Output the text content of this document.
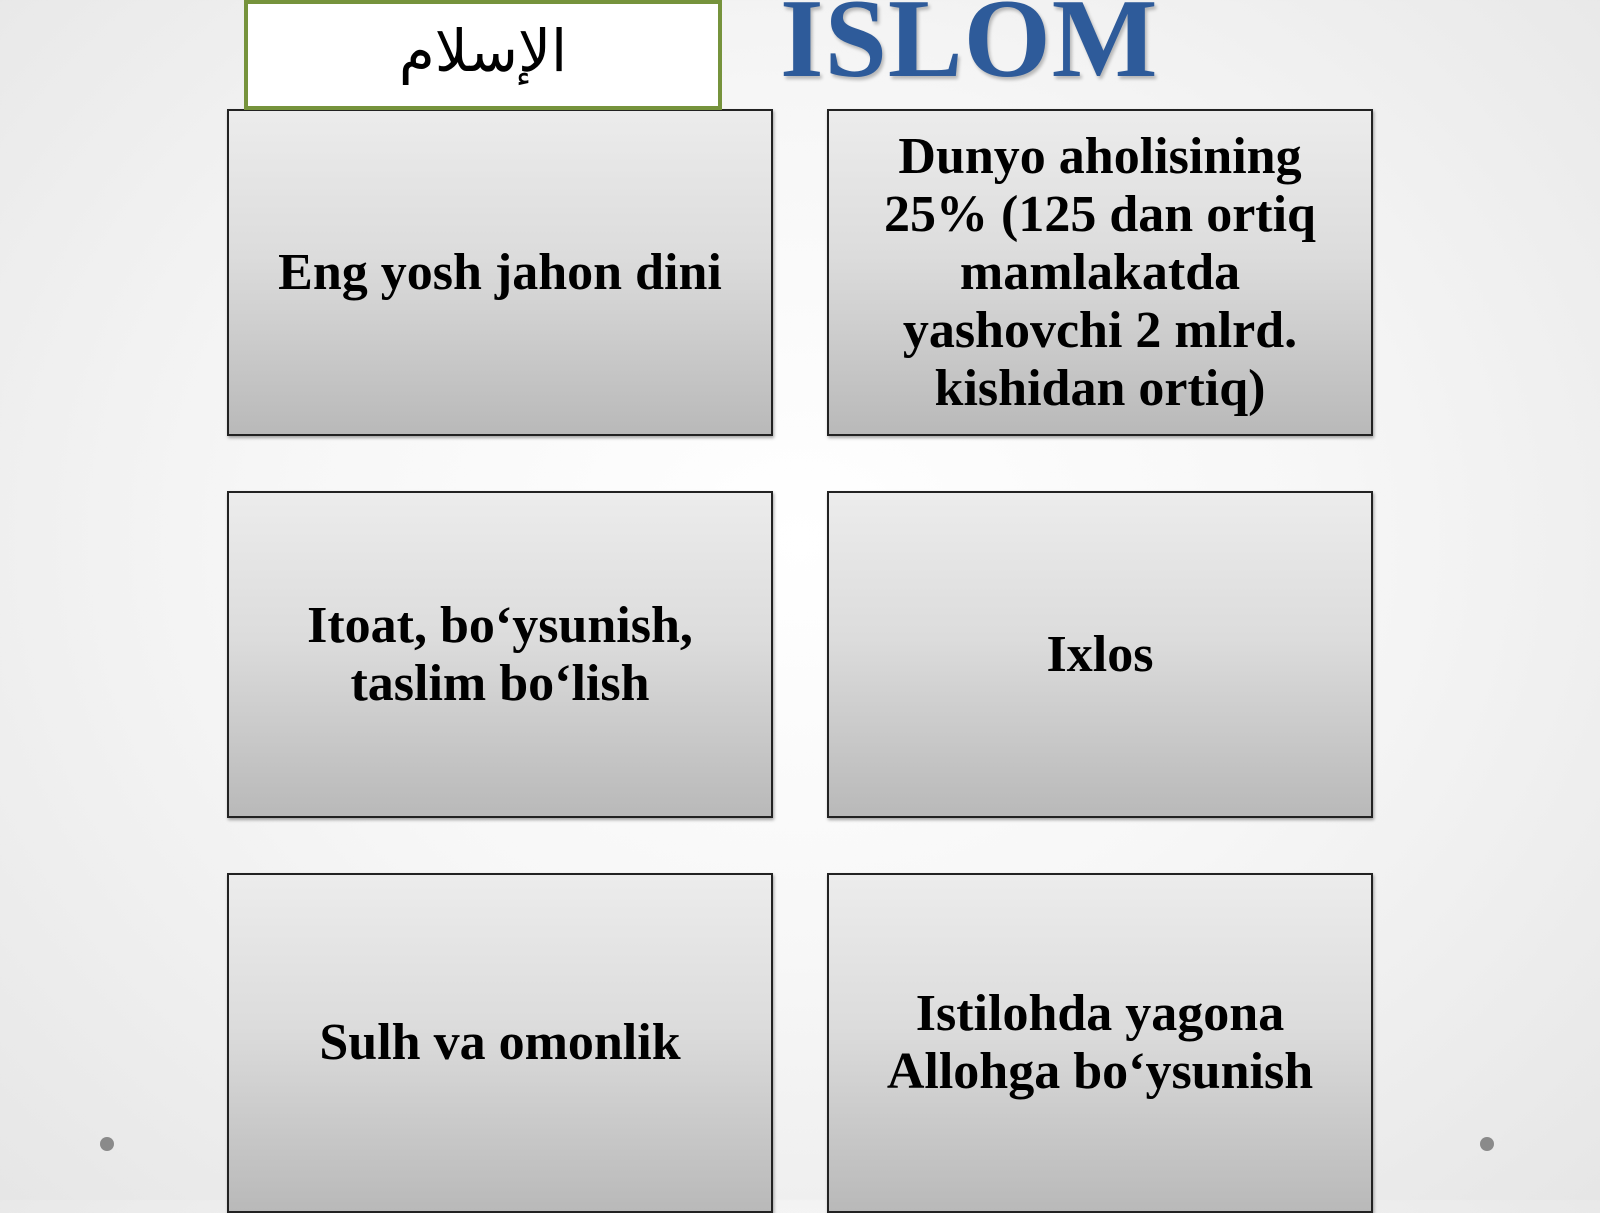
الإسلام ISLOM
Eng yosh jahon dini
Dunyo aholisining 25% (125 dan ortiq mamlakatda yashovchi 2 mlrd. kishidan ortiq)
Itoat, bo‘ysunish, taslim bo‘lish
Ixlos
Sulh va omonlik
Istilohda yagona Allohga bo‘ysunish
